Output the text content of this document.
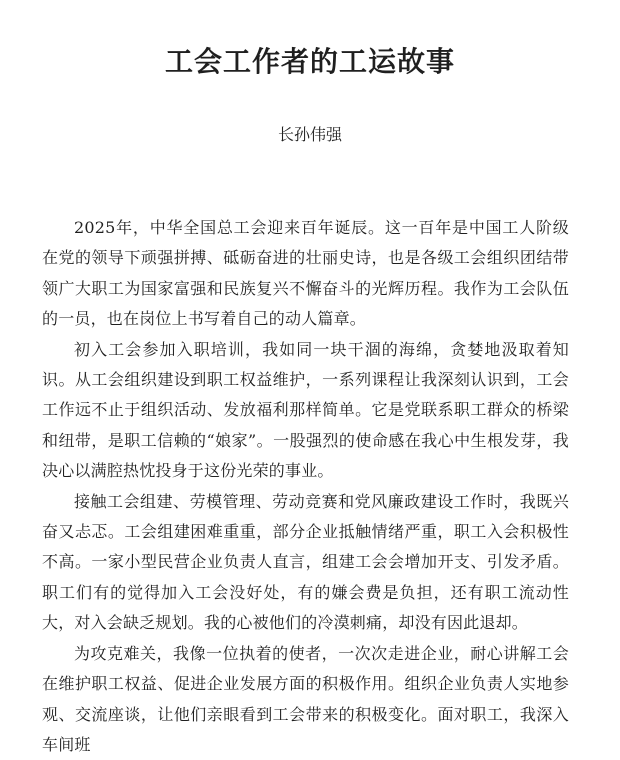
工会工作者的工运故事

长孙伟强

2025年，中华全国总工会迎来百年诞辰。这一百年是中国工人阶级在党的领导下顽强拼搏、砥砺奋进的壮丽史诗，也是各级工会组织团结带领广大职工为国家富强和民族复兴不懈奋斗的光辉历程。我作为工会队伍的一员，也在岗位上书写着自己的动人篇章。

初入工会参加入职培训，我如同一块干涸的海绵，贪婪地汲取着知识。从工会组织建设到职工权益维护，一系列课程让我深刻认识到，工会工作远不止于组织活动、发放福利那样简单。它是党联系职工群众的桥梁和纽带，是职工信赖的“娘家”。一股强烈的使命感在我心中生根发芽，我决心以满腔热忱投身于这份光荣的事业。

接触工会组建、劳模管理、劳动竞赛和党风廉政建设工作时，我既兴奋又忐忑。工会组建困难重重，部分企业抵触情绪严重，职工入会积极性不高。一家小型民营企业负责人直言，组建工会会增加开支、引发矛盾。职工们有的觉得加入工会没好处，有的嫌会费是负担，还有职工流动性大，对入会缺乏规划。我的心被他们的冷漠刺痛，却没有因此退却。

为攻克难关，我像一位执着的使者，一次次走进企业，耐心讲解工会在维护职工权益、促进企业发展方面的积极作用。组织企业负责人实地参观、交流座谈，让他们亲眼看到工会带来的积极变化。面对职工，我深入车间班
